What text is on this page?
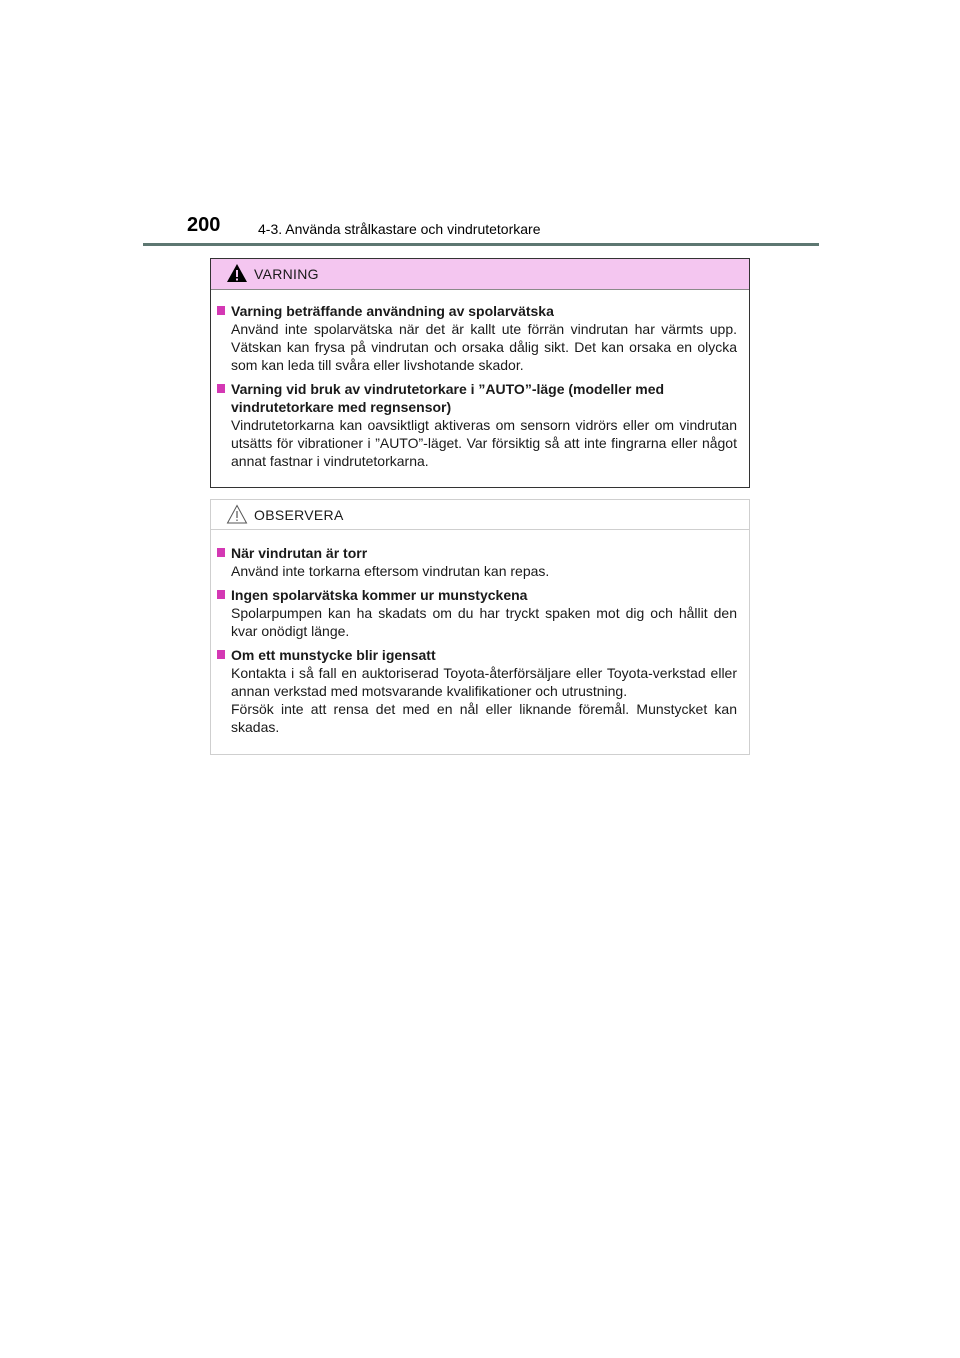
200	4-3. Använda strålkastare och vindrutetorkare
VARNING
Varning beträffande användning av spolarvätska

Använd inte spolarvätska när det är kallt ute förrän vindrutan har värmts upp. Vätskan kan frysa på vindrutan och orsaka dålig sikt. Det kan orsaka en olycka som kan leda till svåra eller livshotande skador.

Varning vid bruk av vindrutetorkare i ”AUTO”-läge (modeller med vindrutetorkare med regnsensor)

Vindrutetorkarna kan oavsiktligt aktiveras om sensorn vidrörs eller om vindrutan utsätts för vibrationer i ”AUTO”-läget. Var försiktig så att inte fingrarna eller något annat fastnar i vindrutetorkarna.

OBSERVERA
När vindrutan är torr

Använd inte torkarna eftersom vindrutan kan repas.

Ingen spolarvätska kommer ur munstyckena

Spolarpumpen kan ha skadats om du har tryckt spaken mot dig och hållit den kvar onödigt länge.

Om ett munstycke blir igensatt

Kontakta i så fall en auktoriserad Toyota-återförsäljare eller Toyota-verkstad eller annan verkstad med motsvarande kvalifikationer och utrustning.

Försök inte att rensa det med en nål eller liknande föremål. Munstycket kan skadas.
